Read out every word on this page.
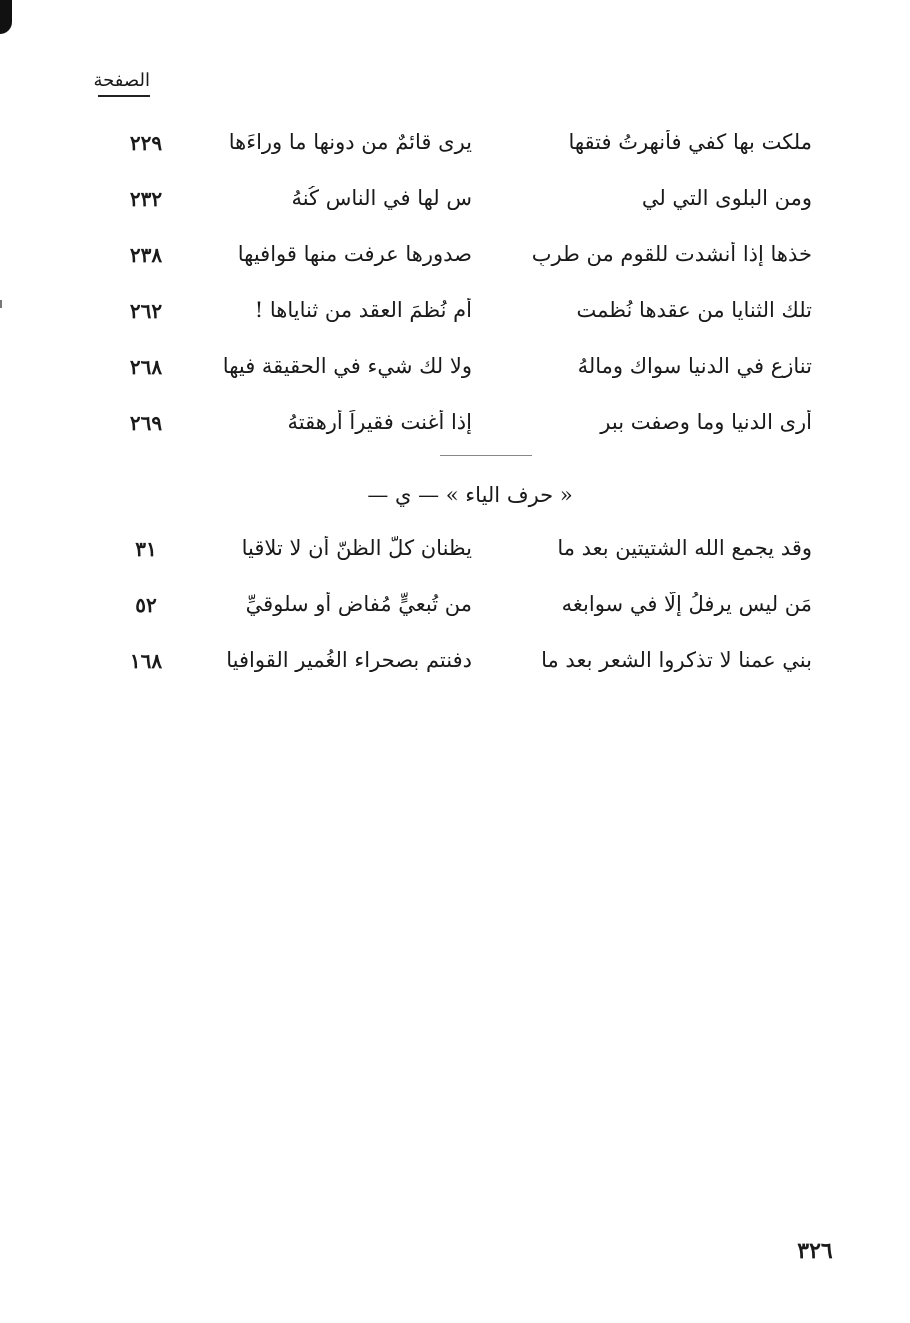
الصفحة
ملكت بها كفي فأنهرتُ فتقها
يرى قائمٌ من دونها ما وراءَها
٢٢٩
ومن البلوى التي لي
س لها في الناس كُنهُ
٢٣٢
خذها إذا أنشدت للقوم من طربٍ
صدورها عرفت منها قوافيها
٢٣٨
تلك الثنايا من عقدها نُظمت
أم نُظمَ العقد من ثناياها !
٢٦٢
تنازع في الدنيا سواك ومالهُ
ولا لك شيء في الحقيقة فيها
٢٦٨
أرى الدنيا وما وصفت ببر
إذا أغنت فقيراً أرهقتهُ
٢٦٩
« حرف الياء » — ي —
وقد يجمع الله الشتيتين بعد ما
يظنان كلَّ الظنّ أن لا تلاقيا
٣١
مَن ليس يرفلُ إلّا في سوابغه
من تُبعيٍّ مُفاض أو سلوقيِّ
٥٢
بني عمنا لا تذكروا الشعر بعد ما
دفنتم بصحراء الغُمير القوافيا
١٦٨
٣٢٦
